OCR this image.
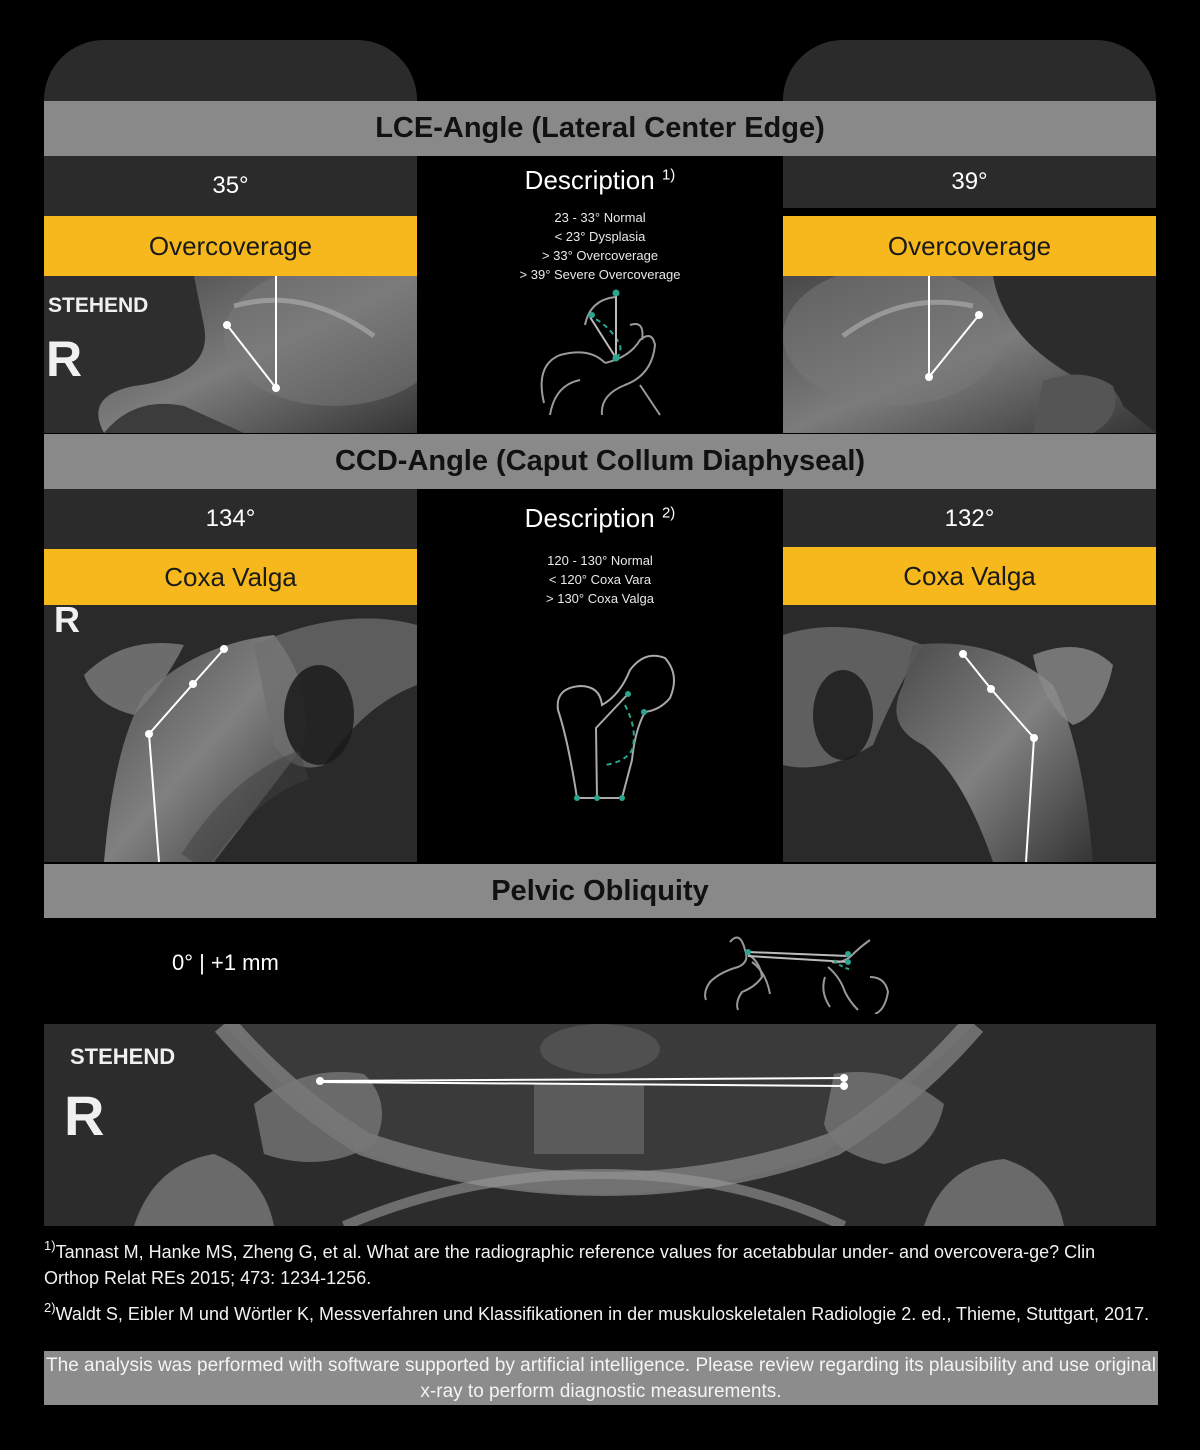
LCE-Angle (Lateral Center Edge)
35°	39°
Overcoverage	Overcoverage
Description $^{1)}$
23 - 33° Normal
< 23° Dysplasia
> 33° Overcoverage
> 39° Severe Overcoverage
STEHEND
R
CCD-Angle (Caput Collum Diaphyseal)
134°	132°
Coxa Valga	Coxa Valga
Description $^{2)}$
120 - 130° Normal
< 120° Coxa Vara
> 130° Coxa Valga
R
Pelvic Obliquity
0° | +1 mm
STEHEND
R
$^{1)}$Tannast M, Hanke MS, Zheng G, et al. What are the radiographic reference values for acetabbular under- and overcovera-ge? Clin Orthop Relat REs 2015; 473: 1234-1256.
$^{2)}$Waldt S, Eibler M und Wörtler K, Messverfahren und Klassifikationen in der muskuloskeletalen Radiologie 2. ed., Thieme, Stuttgart, 2017.
The analysis was performed with software supported by artificial intelligence. Please review regarding its plausibility and use original x-ray to perform diagnostic measurements.
